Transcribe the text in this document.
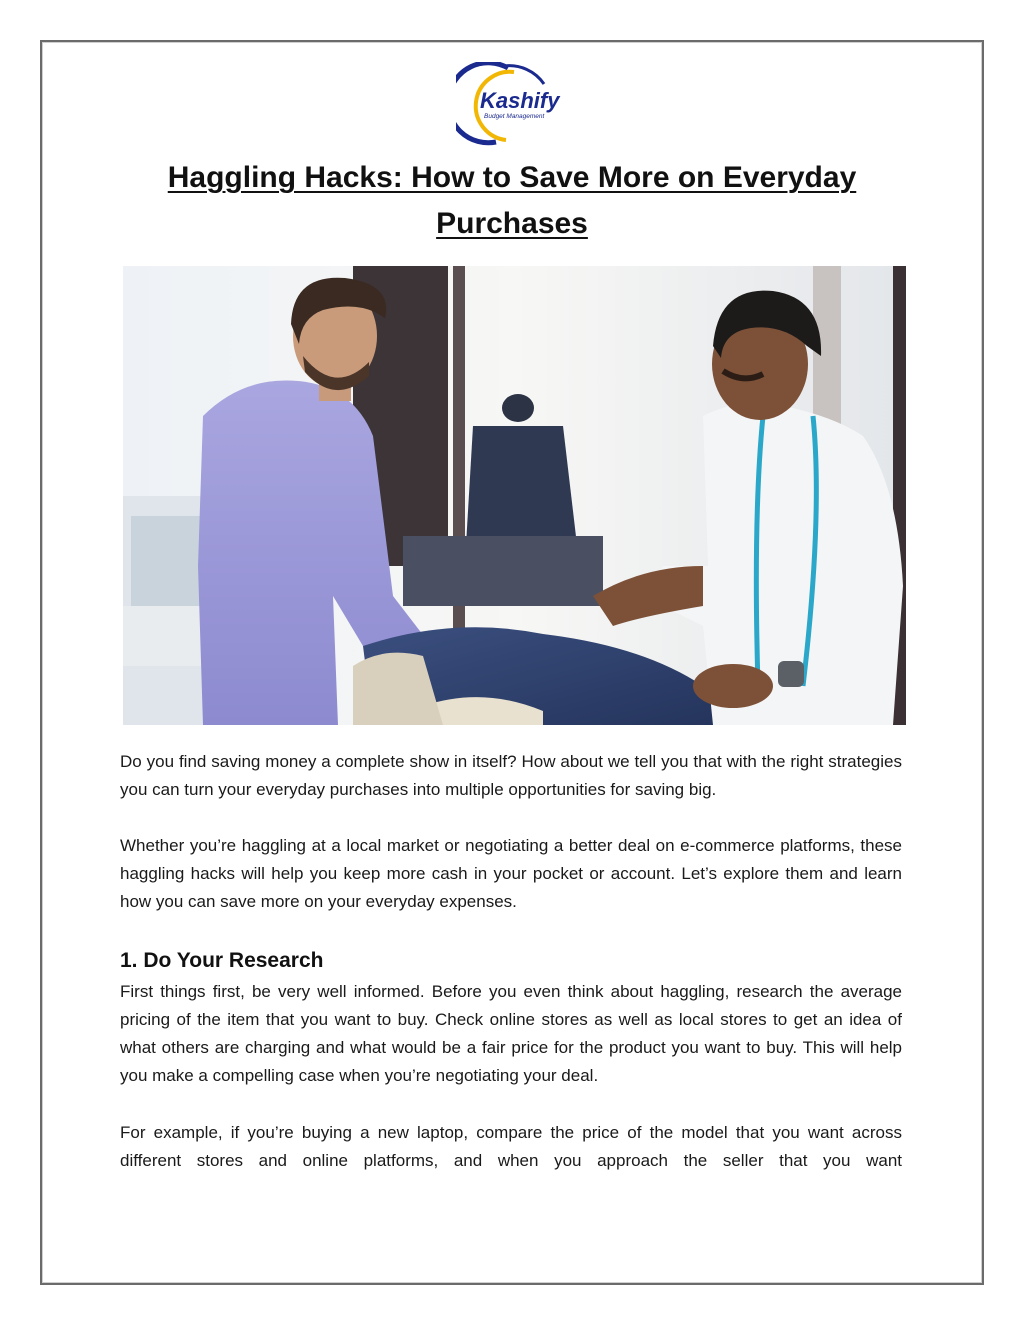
Kashify
Budget Management
Haggling Hacks: How to Save More on Everyday
Purchases

Do you find saving money a complete show in itself? How about we tell you that with the right strategies you can turn your everyday purchases into multiple opportunities for saving big.

Whether you’re haggling at a local market or negotiating a better deal on e-commerce platforms, these haggling hacks will help you keep more cash in your pocket or account. Let’s explore them and learn how you can save more on your everyday expenses.

1. Do Your Research

First things first, be very well informed. Before you even think about haggling, research the average pricing of the item that you want to buy. Check online stores as well as local stores to get an idea of what others are charging and what would be a fair price for the product you want to buy. This will help you make a compelling case when you’re negotiating your deal.

For example, if you’re buying a new laptop, compare the price of the model that you want across different stores and online platforms, and when you approach the seller that you want
